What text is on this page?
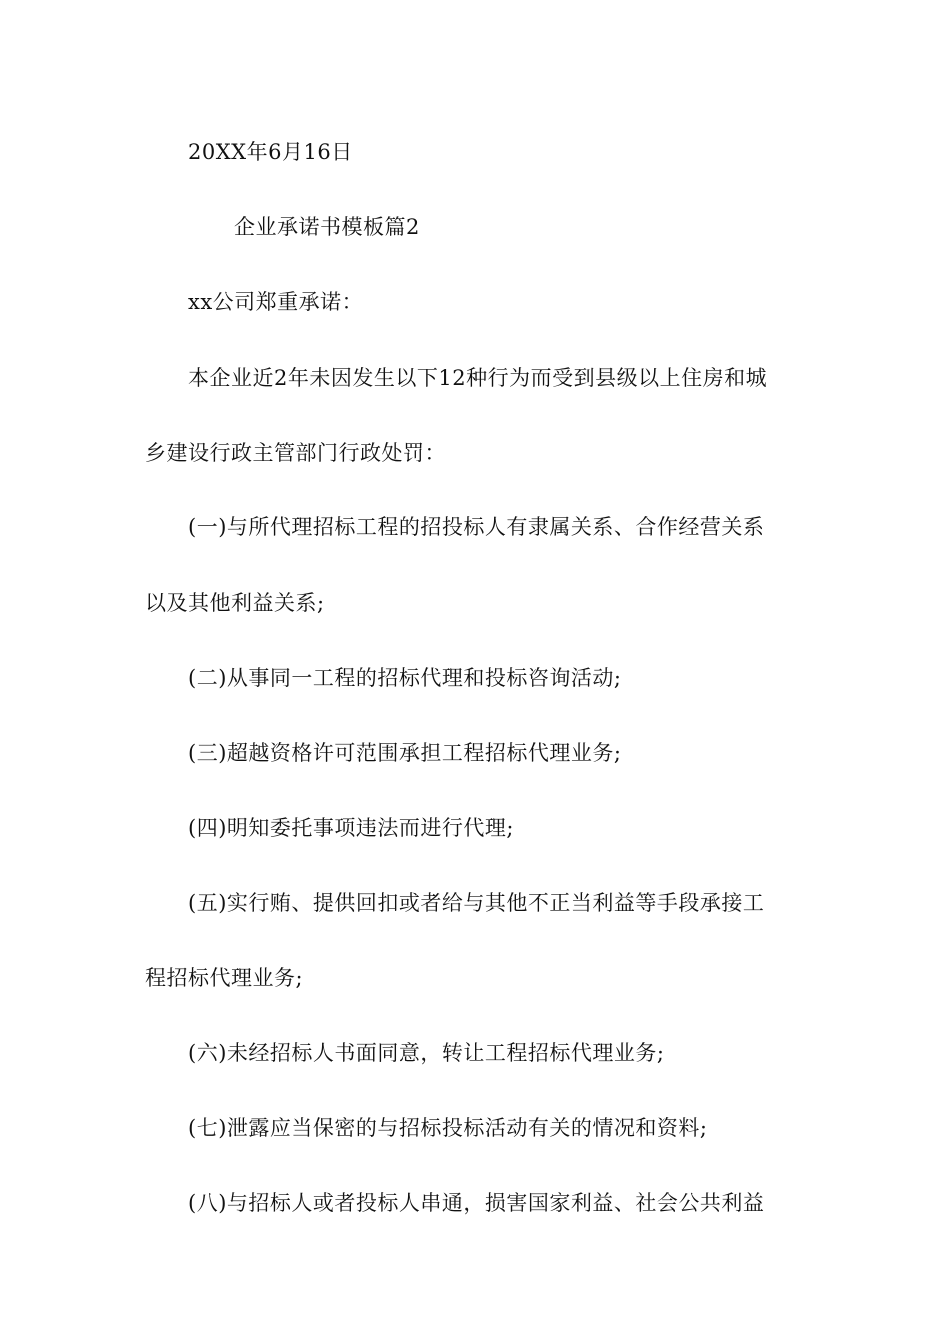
20XX年6月16日
企业承诺书模板篇2
xx公司郑重承诺：
本企业近2年未因发生以下12种行为而受到县级以上住房和城
乡建设行政主管部门行政处罚：
(一)与所代理招标工程的招投标人有隶属关系、合作经营关系
以及其他利益关系;
(二)从事同一工程的招标代理和投标咨询活动;
(三)超越资格许可范围承担工程招标代理业务;
(四)明知委托事项违法而进行代理;
(五)实行贿、提供回扣或者给与其他不正当利益等手段承接工
程招标代理业务;
(六)未经招标人书面同意，转让工程招标代理业务;
(七)泄露应当保密的与招标投标活动有关的情况和资料;
(八)与招标人或者投标人串通，损害国家利益、社会公共利益
